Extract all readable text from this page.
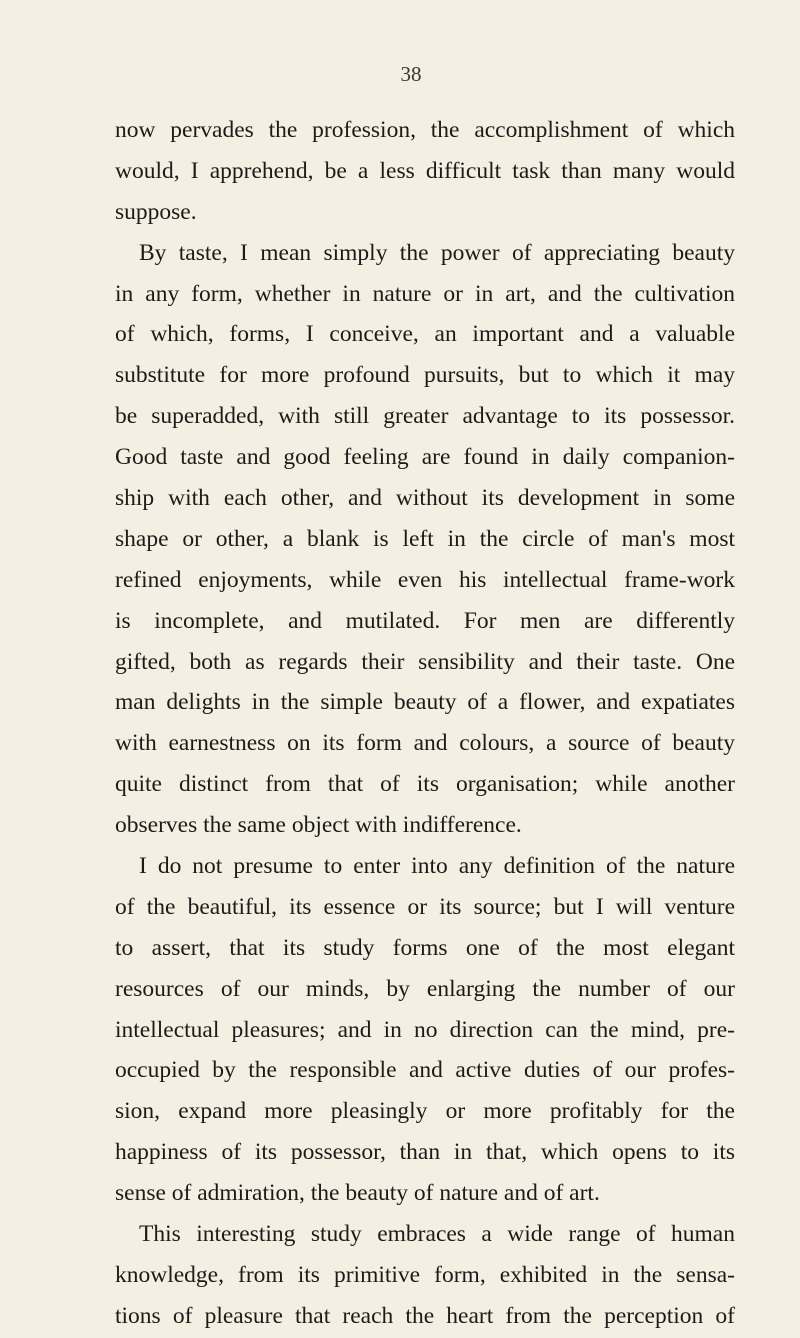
38
now pervades the profession, the accomplishment of which
would, I apprehend, be a less difficult task than many would
suppose.
By taste, I mean simply the power of appreciating beauty
in any form, whether in nature or in art, and the cultivation
of which, forms, I conceive, an important and a valuable
substitute for more profound pursuits, but to which it may
be superadded, with still greater advantage to its possessor.
Good taste and good feeling are found in daily companion-
ship with each other, and without its development in some
shape or other, a blank is left in the circle of man's most
refined enjoyments, while even his intellectual frame-work
is incomplete, and mutilated. For men are differently
gifted, both as regards their sensibility and their taste. One
man delights in the simple beauty of a flower, and expatiates
with earnestness on its form and colours, a source of beauty
quite distinct from that of its organisation; while another
observes the same object with indifference.
I do not presume to enter into any definition of the nature
of the beautiful, its essence or its source; but I will venture
to assert, that its study forms one of the most elegant
resources of our minds, by enlarging the number of our
intellectual pleasures; and in no direction can the mind, pre-
occupied by the responsible and active duties of our profes-
sion, expand more pleasingly or more profitably for the
happiness of its possessor, than in that, which opens to its
sense of admiration, the beauty of nature and of art.
This interesting study embraces a wide range of human
knowledge, from its primitive form, exhibited in the sensa-
tions of pleasure that reach the heart from the perception of
